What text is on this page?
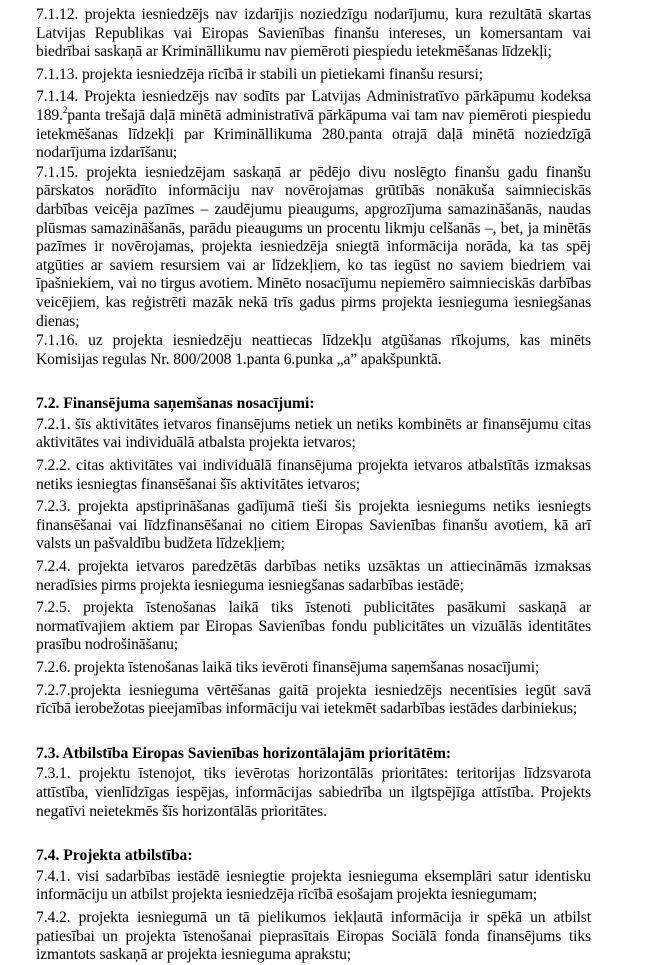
7.1.12. projekta iesniedzējs nav izdarījis noziedzīgu nodarījumu, kura rezultātā skartas Latvijas Republikas vai Eiropas Savienības finanšu intereses, un komersantam vai biedrībai saskaņā ar Krimināllikumu nav piemēroti piespiedu ietekmēšanas līdzekļi;

7.1.13. projekta iesniedzēja rīcībā ir stabili un pietiekami finanšu resursi;

7.1.14. Projekta iesniedzējs nav sodīts par Latvijas Administratīvo pārkāpumu kodeksa 189.$^2$panta trešajā daļā minētā administratīvā pārkāpuma vai tam nav piemēroti piespiedu ietekmēšanas līdzekļi par Krimināllikuma 280.panta otrajā daļā minētā noziedzīgā nodarījuma izdarīšanu;

7.1.15. projekta iesniedzējam saskaņā ar pēdējo divu noslēgto finanšu gadu finanšu pārskatos norādīto informāciju nav novērojamas grūtībās nonākuša saimnieciskās darbības veicēja pazīmes – zaudējumu pieaugums, apgrozījuma samazināšanās, naudas plūsmas samazināšanās, parādu pieaugums un procentu likmju celšanās –, bet, ja minētās pazīmes ir novērojamas, projekta iesniedzēja sniegtā informācija norāda, ka tas spēj atgūties ar saviem resursiem vai ar līdzekļiem, ko tas iegūst no saviem biedriem vai īpašniekiem, vai no tirgus avotiem. Minēto nosacījumu nepiemēro saimnieciskās darbības veicējiem, kas reģistrēti mazāk nekā trīs gadus pirms projekta iesnieguma iesniegšanas dienas;

7.1.16. uz projekta iesniedzēju neattiecas līdzekļu atgūšanas rīkojums, kas minēts Komisijas regulas Nr. 800/2008 1.panta 6.punka „a” apakšpunktā.

7.2. Finansējuma saņemšanas nosacījumi:

7.2.1. šīs aktivitātes ietvaros finansējums netiek un netiks kombinēts ar finansējumu citas aktivitātes vai individuālā atbalsta projekta ietvaros;

7.2.2. citas aktivitātes vai individuālā finansējuma projekta ietvaros atbalstītās izmaksas netiks iesniegtas finansēšanai šīs aktivitātes ietvaros;

7.2.3. projekta apstiprināšanas gadījumā tieši šis projekta iesniegums netiks iesniegts finansēšanai vai līdzfinansēšanai no citiem Eiropas Savienības finanšu avotiem, kā arī valsts un pašvaldību budžeta līdzekļiem;

7.2.4. projekta ietvaros paredzētās darbības netiks uzsāktas un attiecināmās izmaksas neradīsies pirms projekta iesnieguma iesniegšanas sadarbības iestādē;

7.2.5. projekta īstenošanas laikā tiks īstenoti publicitātes pasākumi saskaņā ar normatīvajiem aktiem par Eiropas Savienības fondu publicitātes un vizuālās identitātes prasību nodrošināšanu;

7.2.6. projekta īstenošanas laikā tiks ievēroti finansējuma saņemšanas nosacījumi;

7.2.7.projekta iesnieguma vērtēšanas gaitā projekta iesniedzējs necentīsies iegūt savā rīcībā ierobežotas pieejamības informāciju vai ietekmēt sadarbības iestādes darbiniekus;

7.3. Atbilstība Eiropas Savienības horizontālajām prioritātēm:

7.3.1. projektu īstenojot, tiks ievērotas horizontālās prioritātes: teritorijas līdzsvarota attīstība, vienlīdzīgas iespējas, informācijas sabiedrība un ilgtspējīga attīstība. Projekts negatīvi neietekmēs šīs horizontālās prioritātes.

7.4. Projekta atbilstība:

7.4.1. visi sadarbības iestādē iesniegtie projekta iesnieguma eksemplāri satur identisku informāciju un atbilst projekta iesniedzēja rīcībā esošajam projekta iesniegumam;

7.4.2. projekta iesniegumā un tā pielikumos iekļautā informācija ir spēkā un atbilst patiesībai un projekta īstenošanai pieprasītais Eiropas Sociālā fonda finansējums tiks izmantots saskaņā ar projekta iesnieguma aprakstu;
